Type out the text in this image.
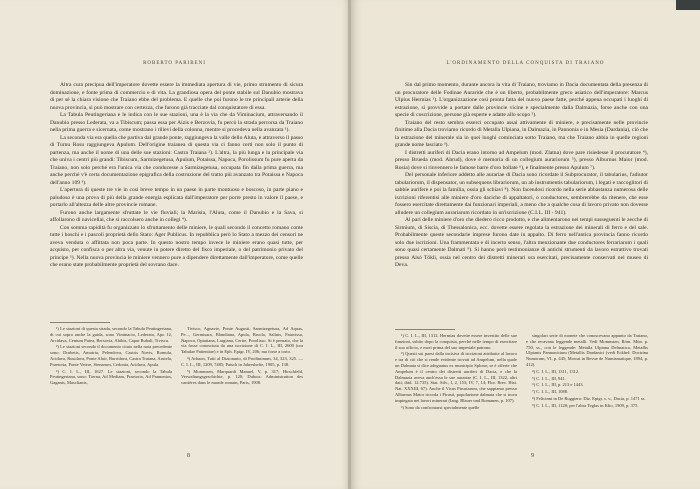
ROBERTO PARIBENI

Altra cura precipua dell'imperatore dovette essere la immediata apertura di vie, primo strumento di sicura dominazione, e fonte prima di commercio e di vita. La grandiosa opera del ponte stabile sul Danubio mostrava di per sé la chiara visione che Traiano ebbe del problema. E quelle che poi furono le tre principali arterie della nuova provincia, si può mostrare con certezza, che furono già tracciate dal conquistatore di essa.

La Tabula Peutingeriana e le indica con le sue stazioni, una è la via che da Viminacium, attraversando il Danubio presso Lederata, va a Tibiscum; passa essa per Aizis e Berzovia, fu percò la strada percorsa da Traiano nella prima guerra e sicernata, come mostrano i rilievi della colonna, mentre si procedeva nella avanzata ¹).

La seconda via era quella che partiva dal grande ponte, raggiungeva la valle dello Aluta, e attraverso il passo di Turnu Rosu raggiungeva Apulum. Dell'origine traianea di questa via ci fanno certi non solo il punto di partenza, ma anche il nome di una delle sue stazioni: Castra Traiana ²). L'altra, la più lunga e la principale via che univa i centri più grandi: Tibiscum, Sarmizegetusa, Apulum, Potaissa, Napoca, Porolissum fu pure aperta da Traiano, non solo perché era l'unica via che conducesse a Sarmizegetusa, occupata fin dalla prima guerra, ma anche perché v'è certa documentazione epigrafica della costruzione del tratto più avanzato tra Potaissa e Napoca dell'anno 109 ³).

L'apertura di queste tre vie in così breve tempo in un paese in parte montuoso e boscoso, in parte piano e paludoso è una prova di più della grande energia esplicata dall'imperatore per porre presto in valore il paese, e portarlo all'altezza delle altre provincie romane.

Furono anche largamente sfruttate le vie fluviali; la Marisia, l'Aluta, come il Danubio e la Sava, si affollarono di navicellai, che si raccolsero anche in collegi ⁴).

Con somma rapidità fu organizzato lo sfruttamento delle miniere, le quali secondo il concetto romano come tutte i boschi e i pascoli proprietà dello Stato: Ager Publicus. In repubblica però lo Stato a mezzo dei censori ne aveva venduta o affittata non poca parte. In questo nostro tempo invece le miniere erano quasi tutte, per acquisto, per confisca o per altra via, venute in potere diretto del fisco imperiale, o del patrimonio privato del principe ⁵). Nella nuova provincia le miniere vennero pure a dipendere direttamente dall'imperatore, come quelle che erano state probabilmente proprietà del sovrano dace.

¹) Le stazioni di questa strada, secondo la Tabula Peutingeriana, di cui sopra anche la guida, sono Viminacio, Lederata, Apo 12, Arcidava, Centum Putea, Bersovia, Ahibis, Caput Bubali, Tiviscu.

²) Le stazioni secondo il documento citato nella nota precedente sono: Drubetis, Amutria, Pelendova, Castris Novis, Romula, Acidava, Rusidava, Ponte Aluti, Burridava, Castra Traiana, Arutela, Praetoria, Ponte Vetere, Stenarum, Cedonia, Acidava, Apula.

³) C. I. L., III, 1627. Le stazioni, secondo la Tabula Peutingeriana, sono: Tierna, Ad Mediam, Praetorio, Ad Pannonios, Gaganis, Masclianis,

Tivisco, Agnavie, Ponte Augusti, Sarmizegetusa, Ad Aquas, Pe..., Germisara, Blandiana, Apula, Brucla, Salinis, Patavissa, Napoca, Optatiana, Largiana, Certie, Porolisso. Si è pensato, che la via fosse conosciuta da una iscrizione di C. I. L., III, 2600 (ora Tabulae Patientiae) e in Eph. Epigr. IV, 206; ma forse a torto.

⁴) Arbaon, Tutti al Dizionario, di Prodiminum, 34, 323, 325. — C. I. L., III, 1209, 7485; Patsch in Jahreshefte, 1905, p. 138.

⁵) Mommsen, Marquardt Manuel, V, p. 317; Hirschfeld, Verwaltungsgeschichte, p. 120; Dubois: Administration des carrières dans le monde romain, Paris, 1908.

8
L'ORDINAMENTO DELLA CONQUISTA DI TRAIANO

Sin dal primo momento, durante ancora la vita di Traiano, troviamo in Dacia documentata della presenza di un procuratore delle Fodinae Auraride che è un liberto, probabilmente greco asiatico dell'imperatore: Marcus Ulpius Hermias ¹). L'organizzazione così pronta fatta del nuovo paese fatte, perché appena occupati i luoghi di estrazione, si provvide a portare dalle provincie vicine e specialmente dalla Dalmazia, forse anche con una specie di coscrizione, persone già esperte e adatte allo scopo ²).

Traiano del resto sembra esserci occupato assai attivamente di miniere, e precisamente nelle provincie finitime alla Dacia troviamo ricordo di Metalla Ulpiana, in Dalmazia, in Pannonia e in Mesia (Dardania), ciò che la estrazione del minerale sia in quei luoghi cominciata sotto Traiano, ma che Traiano abbia in quelle regioni grande nome lasciato ³).

I distretti auriferi di Dacia erano intorno ad Ampelum (mod. Zlatna) dove pare risiedesse il procuratore ⁴), presso Brueda (mod. Abrud), dove è memoria di un collegium aurariorum ⁵), presso Alburnus Maior (mod. Rosia) dove si rinvennero le famose barre d'oro bollate ⁶), e finalmente presso Apulum ⁷).

Del personale inferiore addetto alle aurariae di Dacia sono ricordate il Subprocurator, il tabularius, l'adiutor tabulariorum, il dispensator, un subsequens librariorum, un ab instrumentis tabulariorum, i legati e raccoglitori di sabbie aurifere e poi la familia, ossia gli schiavi ⁸). Non facendosi ricordo nella serie abbastanza numerosa delle iscrizioni riferentisi alle miniere d'oro daciche di appaltatori, o conductores, sembrerebbe da ritenere, che esse fossero esercitate direttamente dai funzionari imperiali, a meno che a qualche cosa di lavoro privato non dovesse alludere un collegium aurariarum ricordato in un'iscrizione (C.I.L. III - 941).

Al pari delle miniere d'oro che diedero ricco prodotto, e che alimentarono nei tempi susseguenti le zecche di Sirmium, di Siscia, di Thessalonica, ecc. dovette essere regolata la estrazione dei minerali di ferro e del sale. Probabilmente queste secondarie imprese furono date in appalto. Di ferro nell'antica provincia fanno ricordo solo due iscrizioni. Una frammentata e di incerto senso, l'altra menzionante due conductores ferrariarum i quali sono quasi certamente Dalmati ⁹). Si hanno però testimonianze di antichi strumenti da lavoro estrattivo trovati presso Alsó Tökli, ossia nel centro dei distretti minerari ora esercitati, precisamente conservati nel museo di Deva.

¹) C. I. L., III, 1312. Hermias dovette essere investito delle sue funzioni, subito dopo la conquista, perché nelle tempo di esercitare il suo ufficio, e morì prima del suo imperiale patrono.

²) Questi sui paesi dalla incisiva di iscrizioni attribuite al lavoro e tra di ciò che si rende evidente trovati ad Ampelum, nella quale un Dalmata si dice adeguatus ex municipio Splono; se è offerte che Ampelum è il centro dei distretti auriferi di Dacia, e che la Dalmazia aveva anch'essa le sue aurariae (C. I. L., III, 1322, altri dati; ibid. 12.735). Stat. Silv., I, 2, 153; IV, 7, 14; Flor. Brev. Hist. Nat. XXXIII, 67). Anche il Vicus Pirustarum, che sappiamo presso Alburnus Maior ricorda i Pirusti, popolazione dalmata che si trova impiegata nei lavori minerari (Iang. Blauer und Romanen, p. 107).

³) Sono da confrontarsi specialmente quelle

singolari serie di monete che conoscevano appunto da Traiano, e che recavano leggende metalli. Vedi Mommsen, Röm. Mün. p. 750, ss., con le leggende: Metalla Ulpiana Delmatica, Metallis Ulpianis Pannonicium (Metallis Dardanici (vedi Eckhel: Doctrina Numorum, VI, p. 445; Mowat in Revue de Numismatique, 1894, p. 412).

⁴) C. I. L., III, 1311, 1312.

⁵) C. I. L., III, 941.

⁶) C. I. L., III, p. 213 e 1443.

⁷) C. I. L., III, 1088.

⁸) Felicinni in De Ruggiero: Diz. Epigr. s. v., Dacia, p. 1471 ss.

⁹) C. I. L., III, 1128; per l'altra Teglas in Klio, 1909, p. 375.

9
